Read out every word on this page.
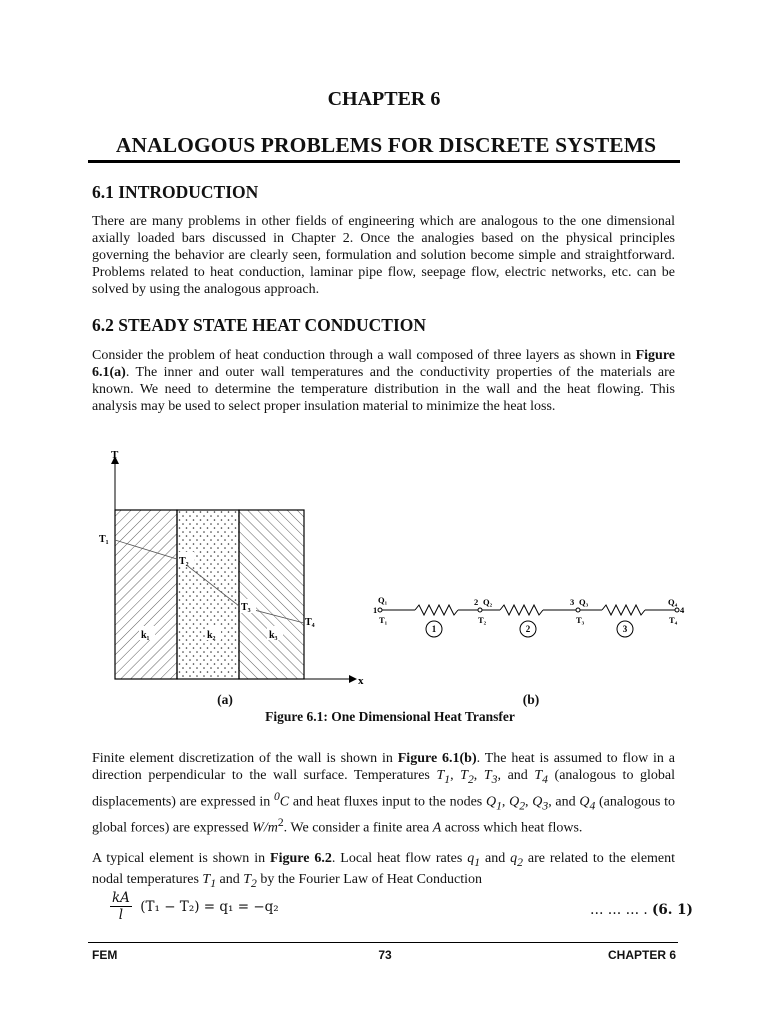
CHAPTER 6
ANALOGOUS PROBLEMS FOR DISCRETE SYSTEMS
6.1 INTRODUCTION
There are many problems in other fields of engineering which are analogous to the one dimensional axially loaded bars discussed in Chapter 2. Once the analogies based on the physical principles governing the behavior are clearly seen, formulation and solution become simple and straightforward. Problems related to heat conduction, laminar pipe flow, seepage flow, electric networks, etc. can be solved by using the analogous approach.
6.2 STEADY STATE HEAT CONDUCTION
Consider the problem of heat conduction through a wall composed of three layers as shown in Figure 6.1(a). The inner and outer wall temperatures and the conductivity properties of the materials are known. We need to determine the temperature distribution in the wall and the heat flowing. This analysis may be used to select proper insulation material to minimize the heat loss.
T
x
T₁
T₂
T₃
T₄
k₁	k₂	k₃
Q₁
1
T₁
2 Q₂
T₂
3 Q₃
T₃
Q₄
4
T₄
1	2	3
(a)	(b)
Figure 6.1: One Dimensional Heat Transfer
Finite element discretization of the wall is shown in Figure 6.1(b). The heat is assumed to flow in a direction perpendicular to the wall surface. Temperatures $T_1$, $T_2$, $T_3$, and $T_4$ (analogous to global displacements) are expressed in $^0$C and heat fluxes input to the nodes $Q_1$, $Q_2$, $Q_3$, and $Q_4$ (analogous to global forces) are expressed $W/m^2$. We consider a finite area A across which heat flows.
A typical element is shown in Figure 6.2. Local heat flow rates $q_1$ and $q_2$ are related to the element nodal temperatures $T_1$ and $T_2$ by the Fourier Law of Heat Conduction
$\frac{kA}{l} (T_1 - T_2) = q_1 = -q_2$	… … … . (6. 1)
FEM	73	CHAPTER 6
